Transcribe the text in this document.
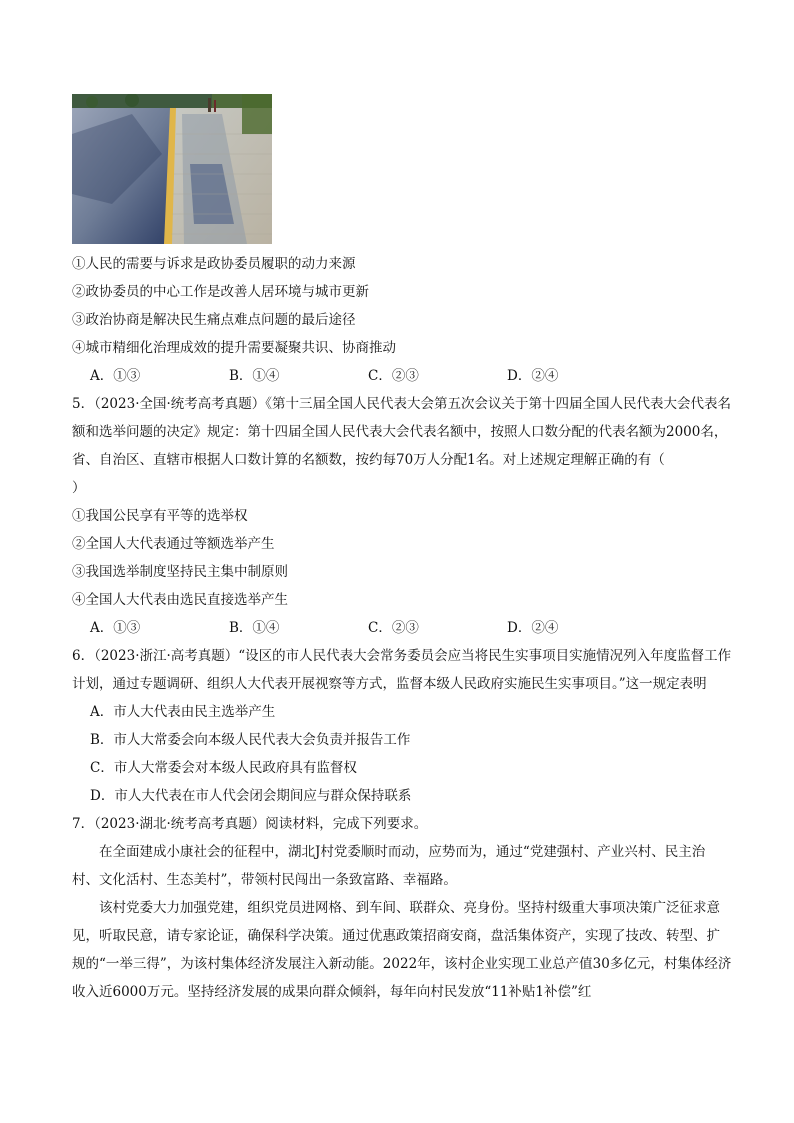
①人民的需要与诉求是政协委员履职的动力来源
②政协委员的中心工作是改善人居环境与城市更新
③政治协商是解决民生痛点难点问题的最后途径
④城市精细化治理成效的提升需要凝聚共识、协商推动
A．①③	B．①④	C．②③	D．②④
5．（2023·全国·统考高考真题）《第十三届全国人民代表大会第五次会议关于第十四届全国人民代表大会代表名额和选举问题的决定》规定：第十四届全国人民代表大会代表名额中，按照人口数分配的代表名额为2000名，省、自治区、直辖市根据人口数计算的名额数，按约每70万人分配1名。对上述规定理解正确的有（）
①我国公民享有平等的选举权
②全国人大代表通过等额选举产生
③我国选举制度坚持民主集中制原则
④全国人大代表由选民直接选举产生
A．①③	B．①④	C．②③	D．②④
6．（2023·浙江·高考真题）“设区的市人民代表大会常务委员会应当将民生实事项目实施情况列入年度监督工作计划，通过专题调研、组织人大代表开展视察等方式，监督本级人民政府实施民生实事项目。”这一规定表明
A．市人大代表由民主选举产生
B．市人大常委会向本级人民代表大会负责并报告工作
C．市人大常委会对本级人民政府具有监督权
D．市人大代表在市人代会闭会期间应与群众保持联系
7．（2023·湖北·统考高考真题）阅读材料，完成下列要求。
在全面建成小康社会的征程中，湖北J村党委顺时而动，应势而为，通过“党建强村、产业兴村、民主治村、文化活村、生态美村”，带领村民闯出一条致富路、幸福路。
该村党委大力加强党建，组织党员进网格、到车间、联群众、亮身份。坚持村级重大事项决策广泛征求意见，听取民意，请专家论证，确保科学决策。通过优惠政策招商安商，盘活集体资产，实现了技改、转型、扩规的“一举三得”，为该村集体经济发展注入新动能。2022年，该村企业实现工业总产值30多亿元，村集体经济收入近6000万元。坚持经济发展的成果向群众倾斜，每年向村民发放“11补贴1补偿”红
